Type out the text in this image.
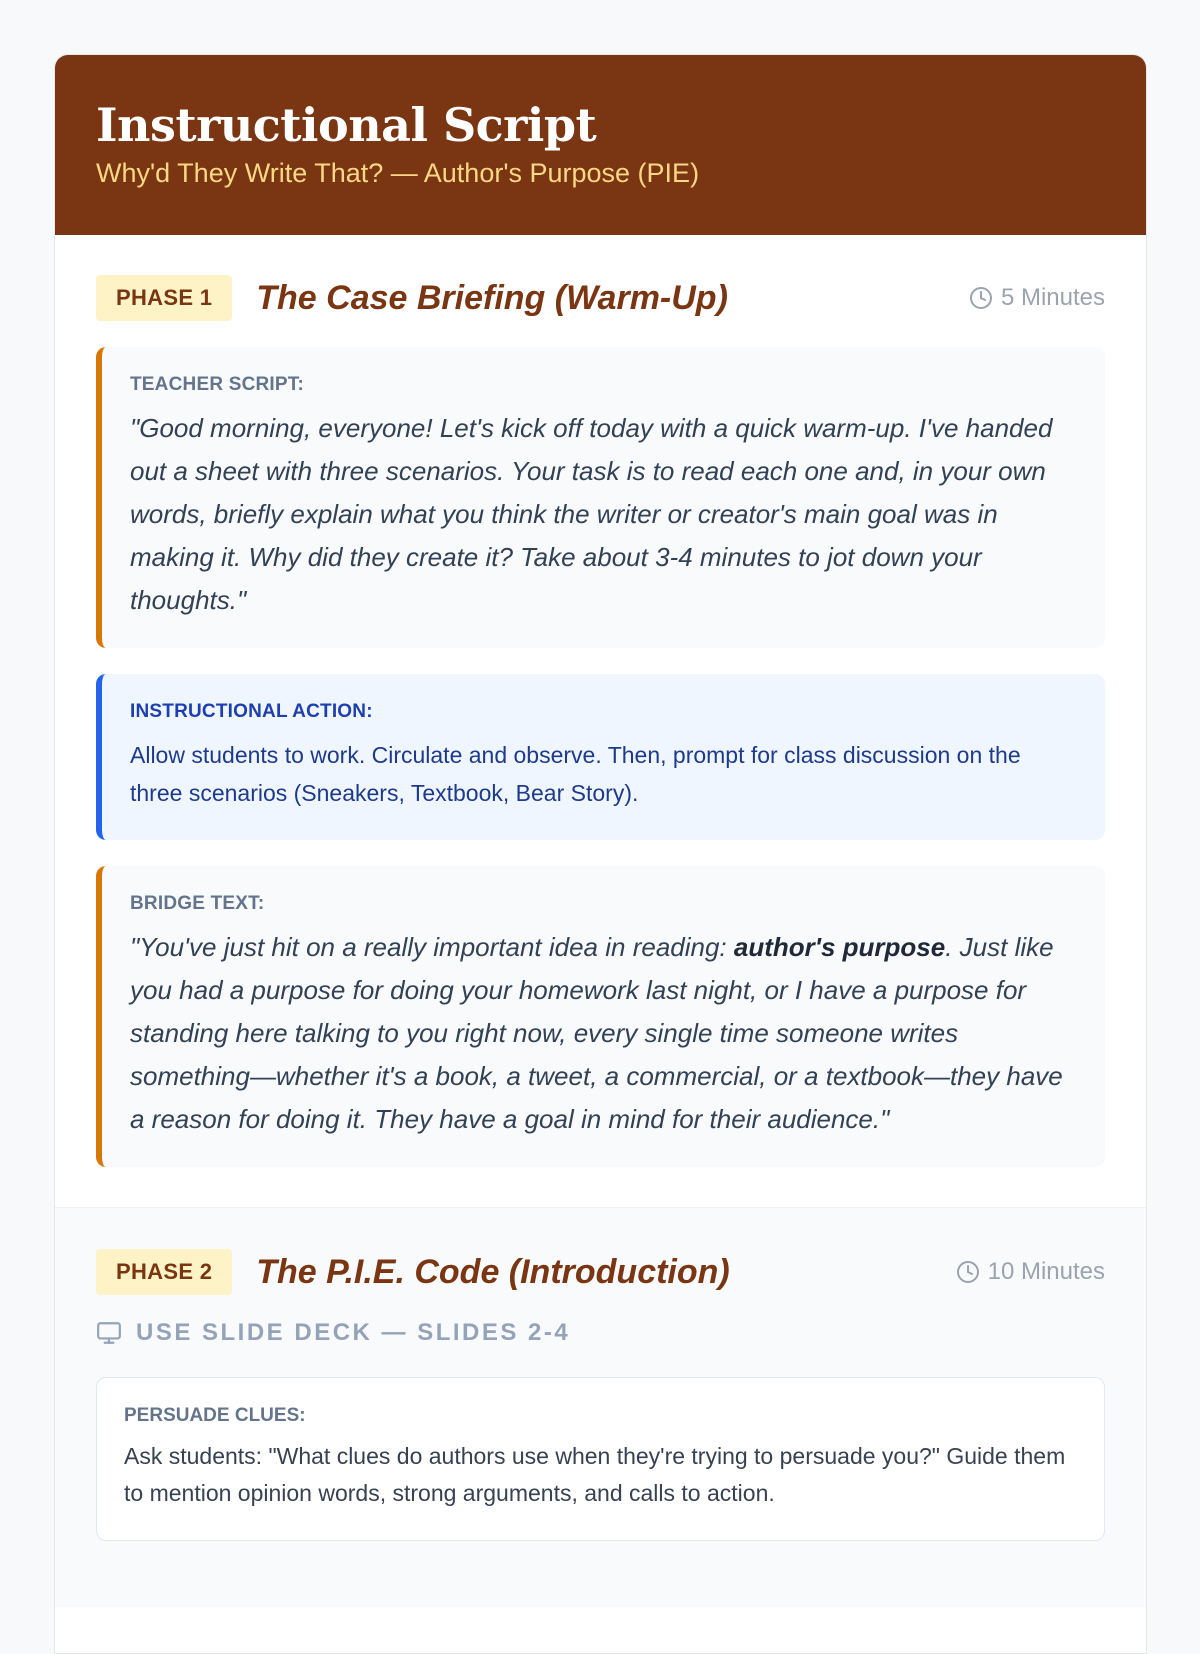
Instructional Script
Why'd They Write That? — Author's Purpose (PIE)
PHASE 1	The Case Briefing (Warm-Up)	5 Minutes
TEACHER SCRIPT:
"Good morning, everyone! Let's kick off today with a quick warm-up. I've handed out a sheet with three scenarios. Your task is to read each one and, in your own words, briefly explain what you think the writer or creator's main goal was in making it. Why did they create it? Take about 3-4 minutes to jot down your thoughts."
INSTRUCTIONAL ACTION:
Allow students to work. Circulate and observe. Then, prompt for class discussion on the three scenarios (Sneakers, Textbook, Bear Story).
BRIDGE TEXT:
"You've just hit on a really important idea in reading: author's purpose. Just like you had a purpose for doing your homework last night, or I have a purpose for standing here talking to you right now, every single time someone writes something—whether it's a book, a tweet, a commercial, or a textbook—they have a reason for doing it. They have a goal in mind for their audience."
PHASE 2	The P.I.E. Code (Introduction)	10 Minutes
USE SLIDE DECK — SLIDES 2-4
PERSUADE CLUES:
Ask students: "What clues do authors use when they're trying to persuade you?" Guide them to mention opinion words, strong arguments, and calls to action.
